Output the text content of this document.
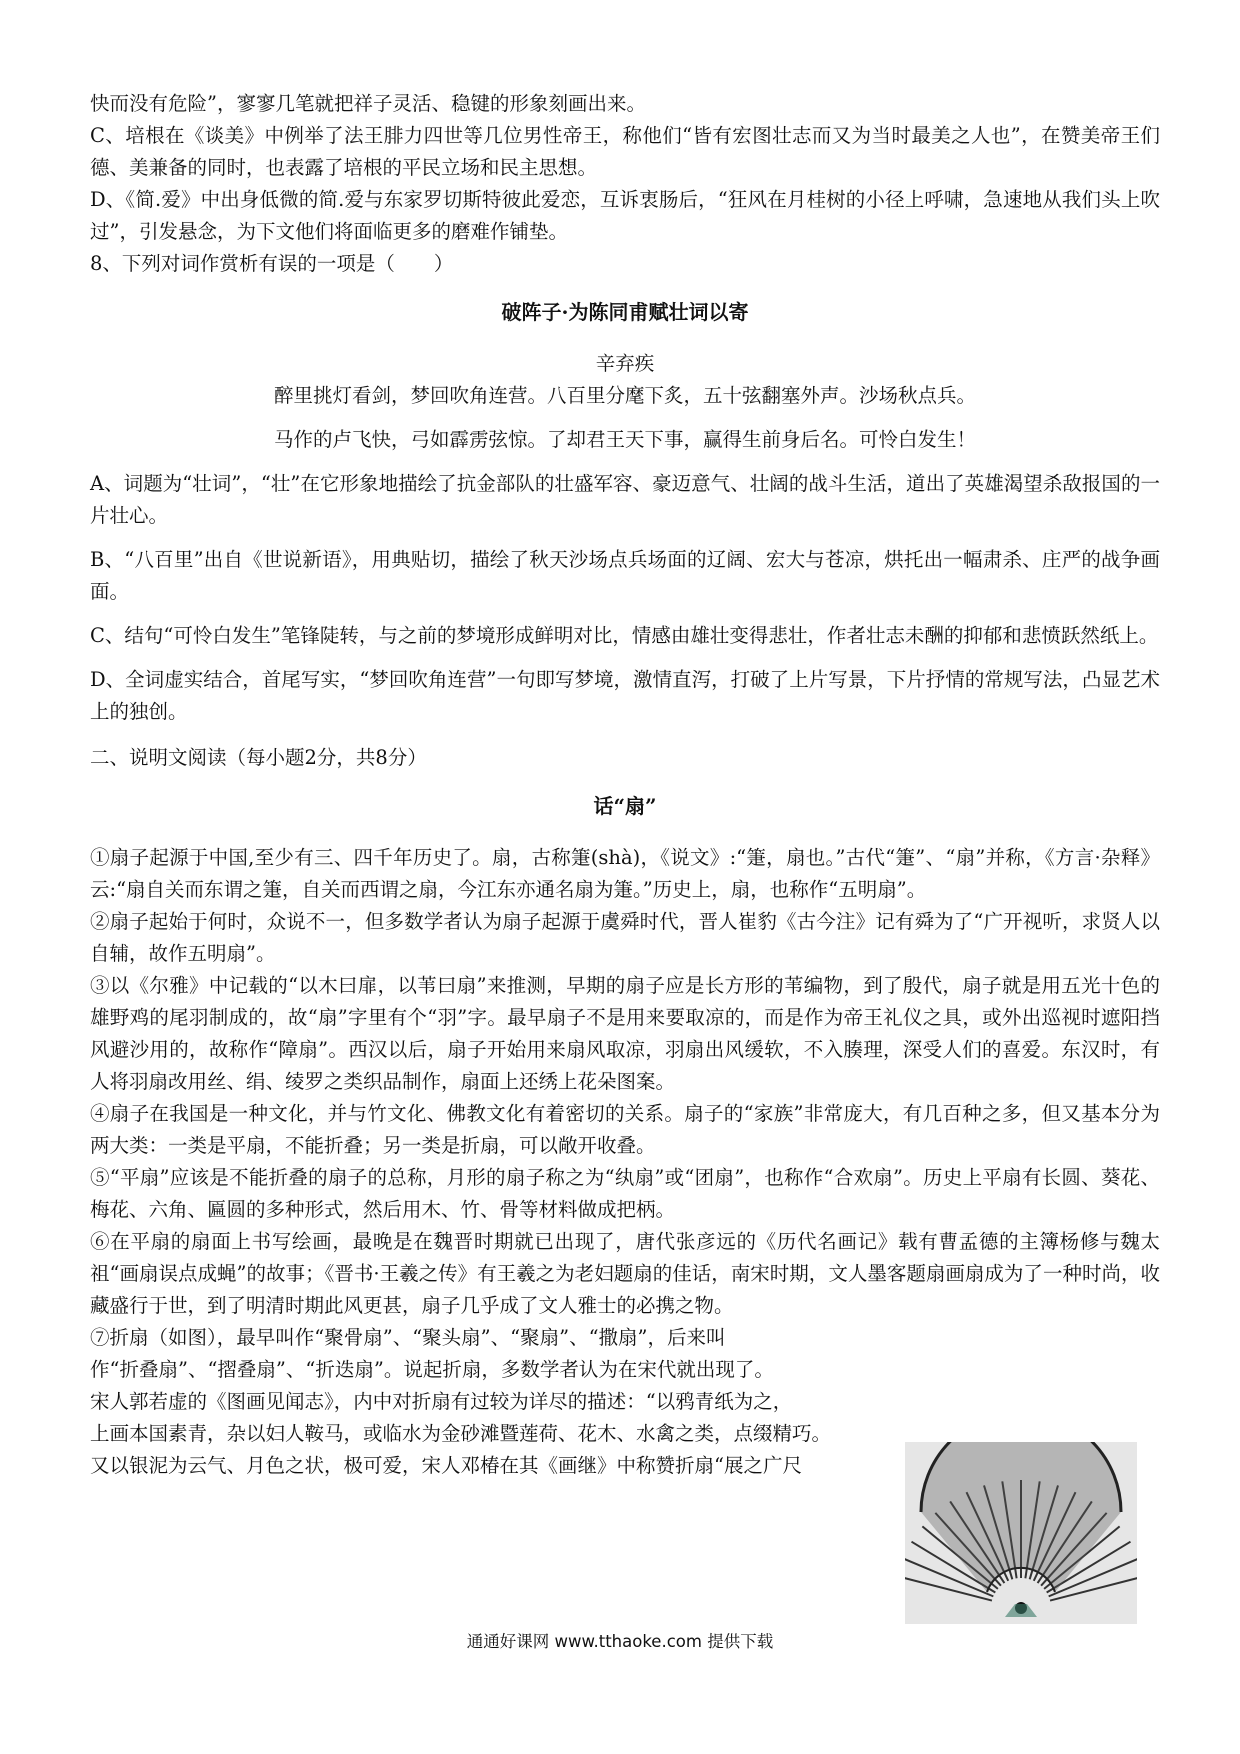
快而没有危险”，寥寥几笔就把祥子灵活、稳键的形象刻画出来。

C、培根在《谈美》中例举了法王腓力四世等几位男性帝王，称他们“皆有宏图壮志而又为当时最美之人也”，在赞美帝王们德、美兼备的同时，也表露了培根的平民立场和民主思想。

D、《简.爱》中出身低微的简.爱与东家罗切斯特彼此爱恋，互诉衷肠后，“狂风在月桂树的小径上呼啸，急速地从我们头上吹过”，引发悬念，为下文他们将面临更多的磨难作铺垫。

8、下列对词作赏析有误的一项是（　　）

破阵子·为陈同甫赋壮词以寄

辛弃疾

醉里挑灯看剑，梦回吹角连营。八百里分麾下炙，五十弦翻塞外声。沙场秋点兵。

马作的卢飞快，弓如霹雳弦惊。了却君王天下事，赢得生前身后名。可怜白发生！

A、词题为“壮词”，“壮”在它形象地描绘了抗金部队的壮盛军容、豪迈意气、壮阔的战斗生活，道出了英雄渴望杀敌报国的一片壮心。

B、“八百里”出自《世说新语》，用典贴切，描绘了秋天沙场点兵场面的辽阔、宏大与苍凉，烘托出一幅肃杀、庄严的战争画面。

C、结句“可怜白发生”笔锋陡转，与之前的梦境形成鲜明对比，情感由雄壮变得悲壮，作者壮志未酬的抑郁和悲愤跃然纸上。

D、全词虚实结合，首尾写实，“梦回吹角连营”一句即写梦境，激情直泻，打破了上片写景，下片抒情的常规写法，凸显艺术上的独创。

二、说明文阅读（每小题2分，共8分）

话“扇”

①扇子起源于中国,至少有三、四千年历史了。扇，古称箑(shà)，《说文》:“箑，扇也。”古代“箑”、“扇”并称，《方言·杂释》云:“扇自关而东谓之箑，自关而西谓之扇，今江东亦通名扇为箑。”历史上，扇，也称作“五明扇”。

②扇子起始于何时，众说不一，但多数学者认为扇子起源于虞舜时代，晋人崔豹《古今注》记有舜为了“广开视听，求贤人以自辅，故作五明扇”。

③以《尔雅》中记载的“以木曰扉，以苇曰扇”来推测，早期的扇子应是长方形的苇编物，到了殷代，扇子就是用五光十色的雄野鸡的尾羽制成的，故“扇”字里有个“羽”字。最早扇子不是用来要取凉的，而是作为帝王礼仪之具，或外出巡视时遮阳挡风避沙用的，故称作“障扇”。西汉以后，扇子开始用来扇风取凉，羽扇出风缓软，不入腠理，深受人们的喜爱。东汉时，有人将羽扇改用丝、绢、绫罗之类织品制作，扇面上还绣上花朵图案。

④扇子在我国是一种文化，并与竹文化、佛教文化有着密切的关系。扇子的“家族”非常庞大，有几百种之多，但又基本分为两大类：一类是平扇，不能折叠；另一类是折扇，可以敞开收叠。

⑤“平扇”应该是不能折叠的扇子的总称，月形的扇子称之为“纨扇”或“团扇”，也称作“合欢扇”。历史上平扇有长圆、葵花、梅花、六角、匾圆的多种形式，然后用木、竹、骨等材料做成把柄。

⑥在平扇的扇面上书写绘画，最晚是在魏晋时期就已出现了，唐代张彦远的《历代名画记》载有曹孟德的主簿杨修与魏太祖“画扇误点成蝇”的故事；《晋书·王羲之传》有王羲之为老妇题扇的佳话，南宋时期，文人墨客题扇画扇成为了一种时尚，收藏盛行于世，到了明清时期此风更甚，扇子几乎成了文人雅士的必携之物。

⑦折扇（如图），最早叫作“聚骨扇”、“聚头扇”、“聚扇”、“撒扇”，后来叫

作“折叠扇”、“摺叠扇”、“折迭扇”。说起折扇，多数学者认为在宋代就出现了。

宋人郭若虚的《图画见闻志》，内中对折扇有过较为详尽的描述：“以鸦青纸为之，

上画本国素青，杂以妇人鞍马，或临水为金砂滩暨莲荷、花木、水禽之类，点缀精巧。

又以银泥为云气、月色之状，极可爱，宋人邓椿在其《画继》中称赞折扇“展之广尺

通通好课网 www.tthaoke.com 提供下载
